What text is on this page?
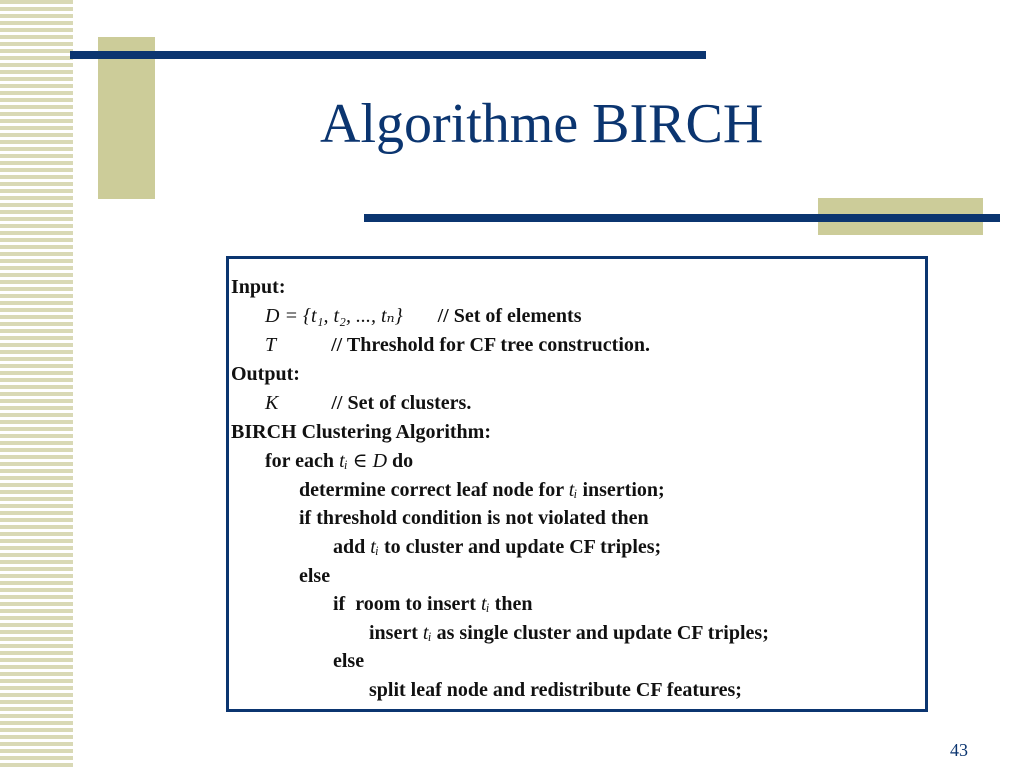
Algorithme BIRCH
Input:
D = {t₁, t₂, ..., tₙ} // Set of elements
T	// Threshold for CF tree construction.
Output:
K	// Set of clusters.
BIRCH Clustering Algorithm:
for each tᵢ ∈ D do
determine correct leaf node for tᵢ insertion;
if threshold condition is not violated then
add tᵢ to cluster and update CF triples;
else
if  room to insert tᵢ then
insert tᵢ as single cluster and update CF triples;
else
split leaf node and redistribute CF features;
43
